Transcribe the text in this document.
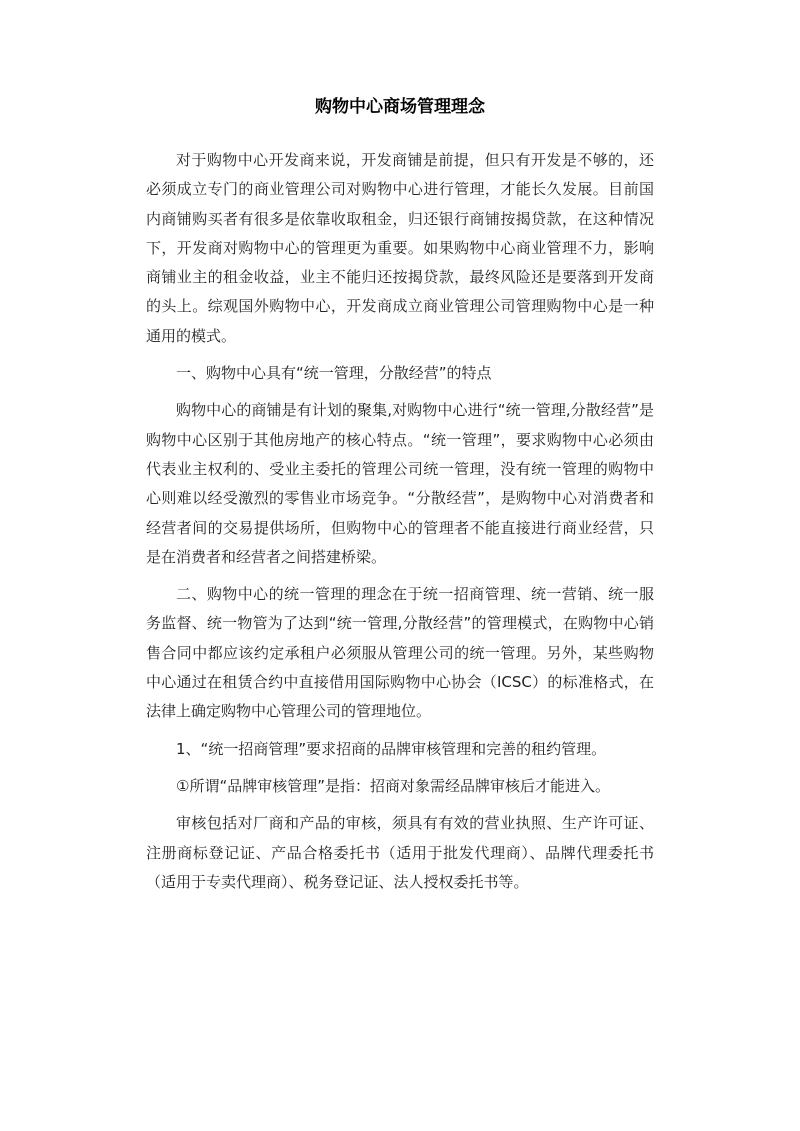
购物中心商场管理理念

对于购物中心开发商来说，开发商铺是前提，但只有开发是不够的，还必须成立专门的商业管理公司对购物中心进行管理，才能长久发展。目前国内商铺购买者有很多是依靠收取租金，归还银行商铺按揭贷款，在这种情况下，开发商对购物中心的管理更为重要。如果购物中心商业管理不力，影响商铺业主的租金收益，业主不能归还按揭贷款，最终风险还是要落到开发商的头上。综观国外购物中心，开发商成立商业管理公司管理购物中心是一种通用的模式。

一、购物中心具有“统一管理，分散经营”的特点

购物中心的商铺是有计划的聚集,对购物中心进行“统一管理,分散经营”是购物中心区别于其他房地产的核心特点。“统一管理”，要求购物中心必须由代表业主权利的、受业主委托的管理公司统一管理，没有统一管理的购物中心则难以经受激烈的零售业市场竞争。“分散经营”，是购物中心对消费者和经营者间的交易提供场所，但购物中心的管理者不能直接进行商业经营，只是在消费者和经营者之间搭建桥梁。

二、购物中心的统一管理的理念在于统一招商管理、统一营销、统一服务监督、统一物管为了达到“统一管理,分散经营”的管理模式，在购物中心销售合同中都应该约定承租户必须服从管理公司的统一管理。另外，某些购物中心通过在租赁合约中直接借用国际购物中心协会（ICSC）的标准格式，在法律上确定购物中心管理公司的管理地位。

1、“统一招商管理”要求招商的品牌审核管理和完善的租约管理。

①所谓“品牌审核管理”是指：招商对象需经品牌审核后才能进入。

审核包括对厂商和产品的审核，须具有有效的营业执照、生产许可证、注册商标登记证、产品合格委托书（适用于批发代理商）、品牌代理委托书（适用于专卖代理商）、税务登记证、法人授权委托书等。
